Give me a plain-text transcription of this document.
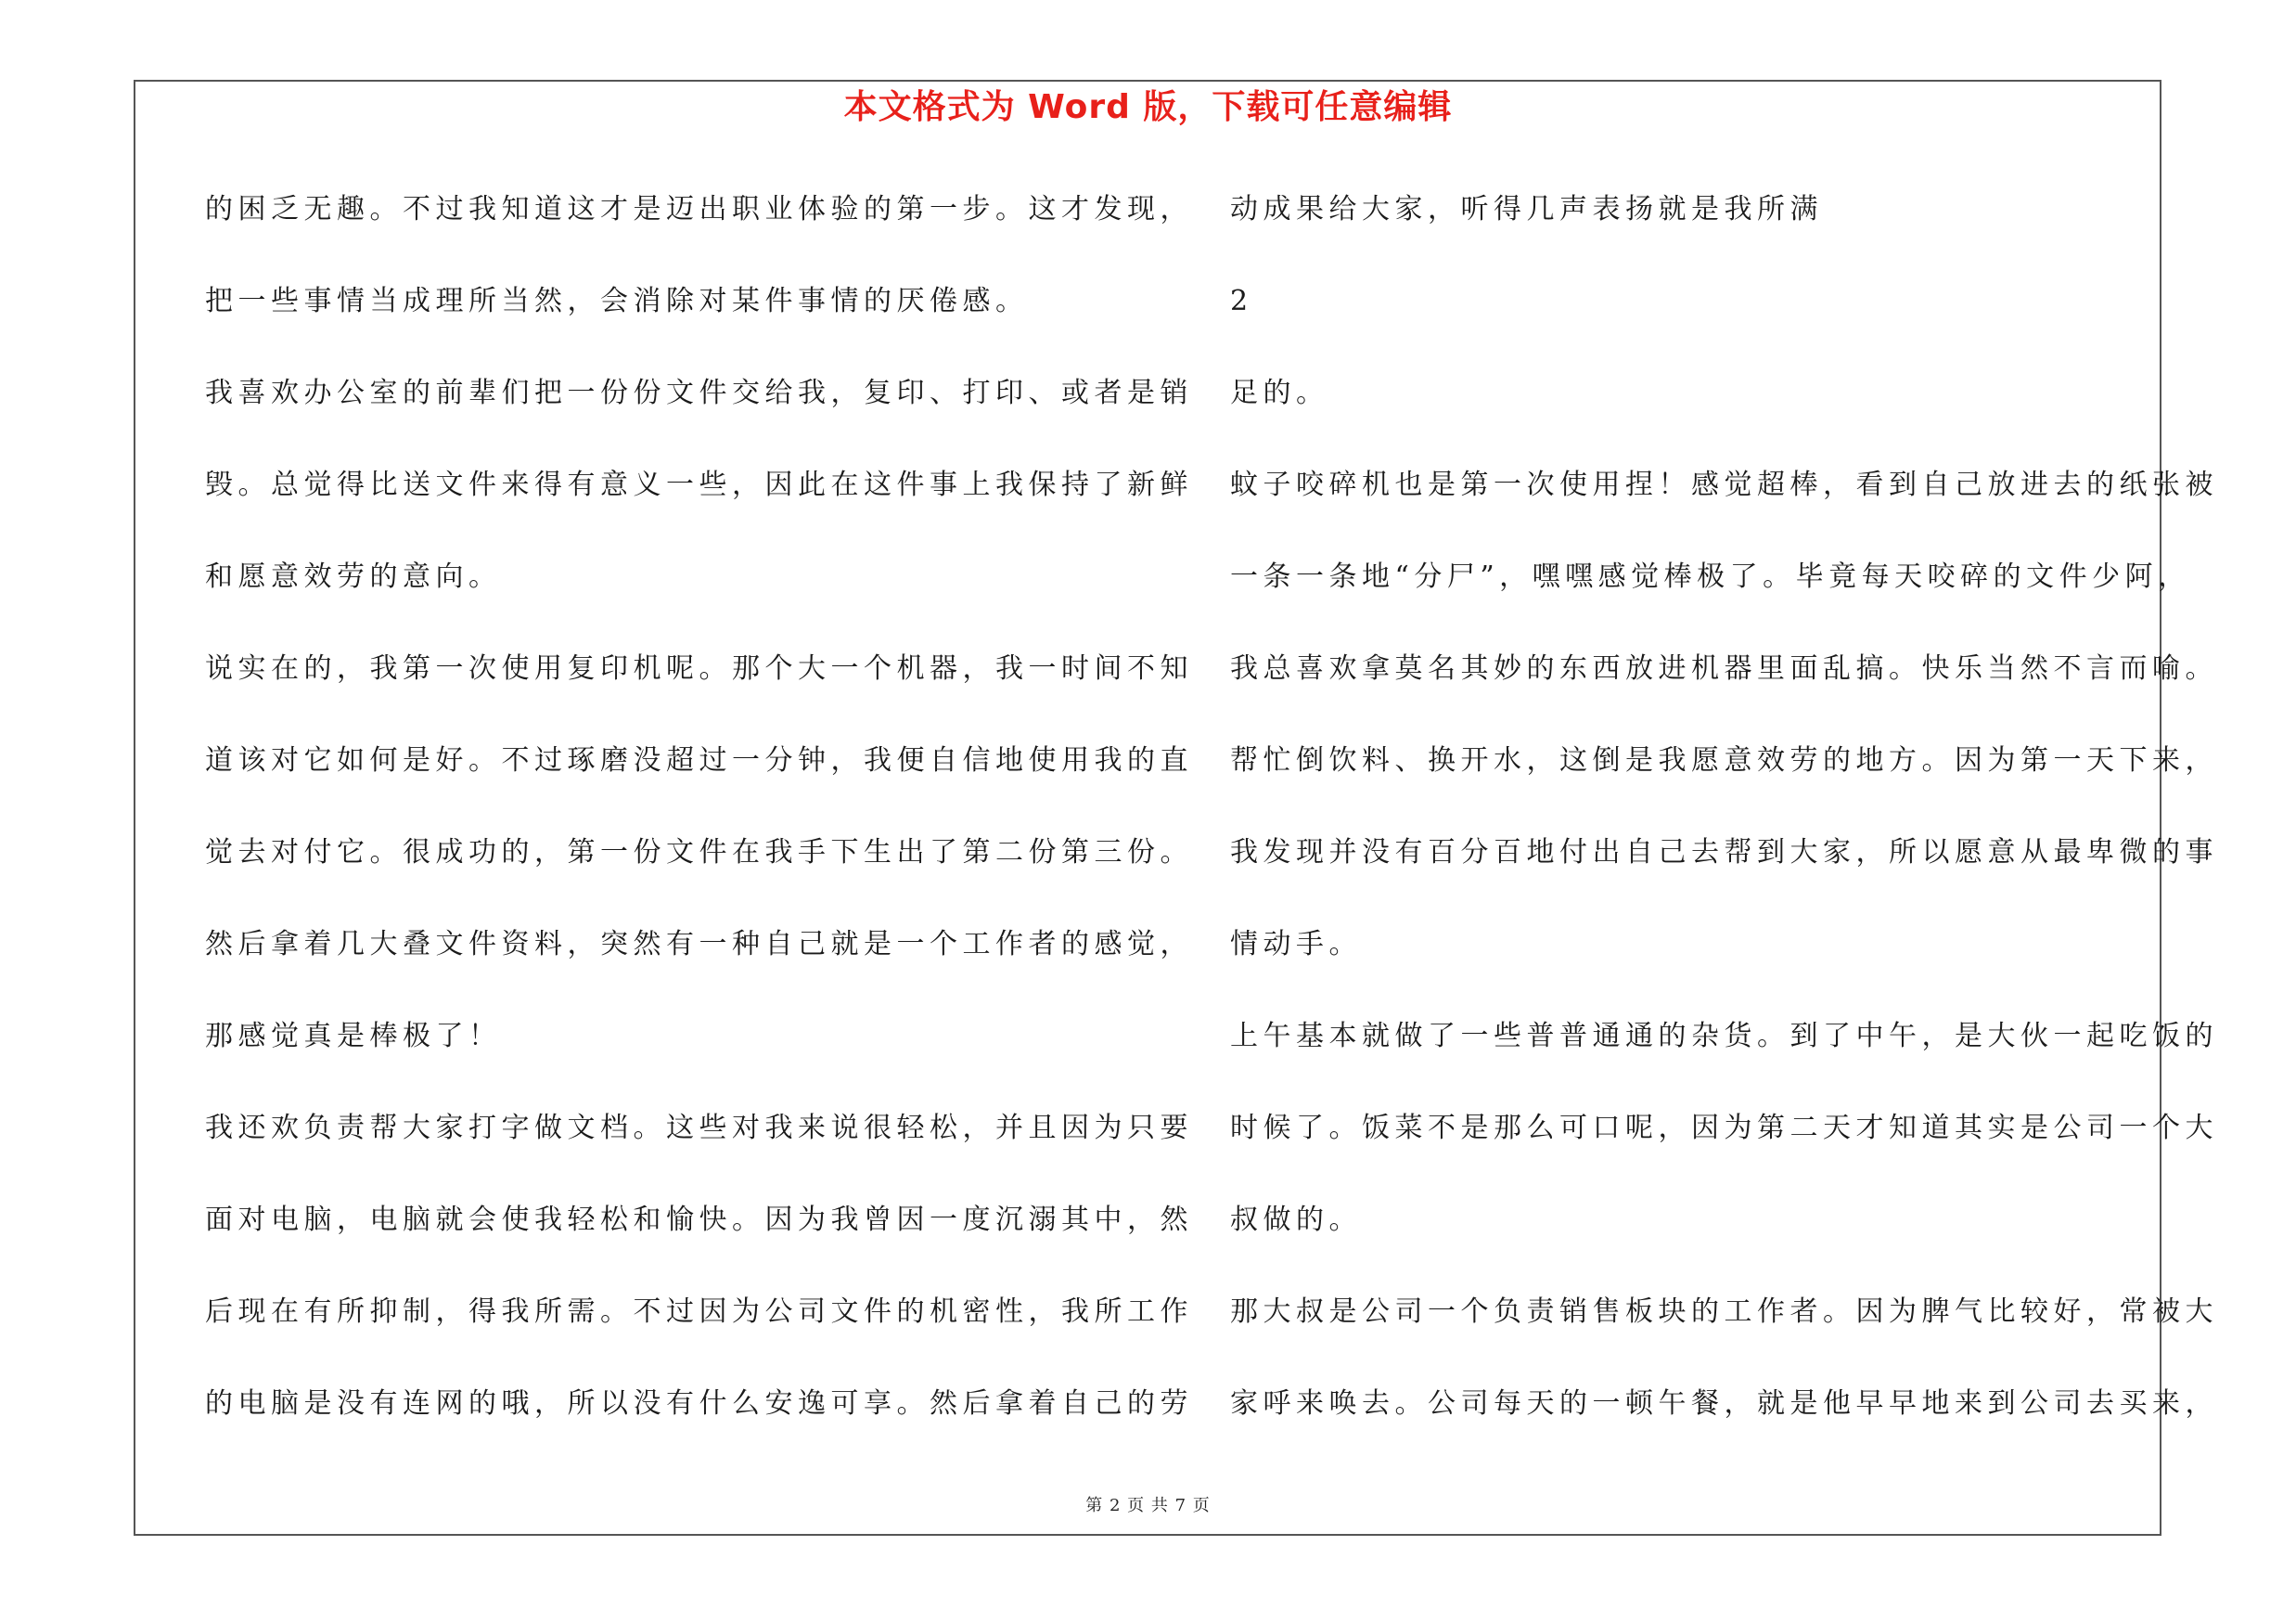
本文格式为 Word 版，下载可任意编辑
的困乏无趣。不过我知道这才是迈出职业体验的第一步。这才发现，
把一些事情当成理所当然，会消除对某件事情的厌倦感。
我喜欢办公室的前辈们把一份份文件交给我，复印、打印、或者是销
毁。总觉得比送文件来得有意义一些，因此在这件事上我保持了新鲜
和愿意效劳的意向。
说实在的，我第一次使用复印机呢。那个大一个机器，我一时间不知
道该对它如何是好。不过琢磨没超过一分钟，我便自信地使用我的直
觉去对付它。很成功的，第一份文件在我手下生出了第二份第三份。
然后拿着几大叠文件资料，突然有一种自己就是一个工作者的感觉，
那感觉真是棒极了！
我还欢负责帮大家打字做文档。这些对我来说很轻松，并且因为只要
面对电脑，电脑就会使我轻松和愉快。因为我曾因一度沉溺其中，然
后现在有所抑制，得我所需。不过因为公司文件的机密性，我所工作
的电脑是没有连网的哦，所以没有什么安逸可享。然后拿着自己的劳
动成果给大家，听得几声表扬就是我所满
2
足的。
蚊子咬碎机也是第一次使用捏！感觉超棒，看到自己放进去的纸张被
一条一条地“分尸”，嘿嘿感觉棒极了。毕竟每天咬碎的文件少阿，
我总喜欢拿莫名其妙的东西放进机器里面乱搞。快乐当然不言而喻。
帮忙倒饮料、换开水，这倒是我愿意效劳的地方。因为第一天下来，
我发现并没有百分百地付出自己去帮到大家，所以愿意从最卑微的事
情动手。
上午基本就做了一些普普通通的杂货。到了中午，是大伙一起吃饭的
时候了。饭菜不是那么可口呢，因为第二天才知道其实是公司一个大
叔做的。
那大叔是公司一个负责销售板块的工作者。因为脾气比较好，常被大
家呼来唤去。公司每天的一顿午餐，就是他早早地来到公司去买来，
第 2 页 共 7 页
